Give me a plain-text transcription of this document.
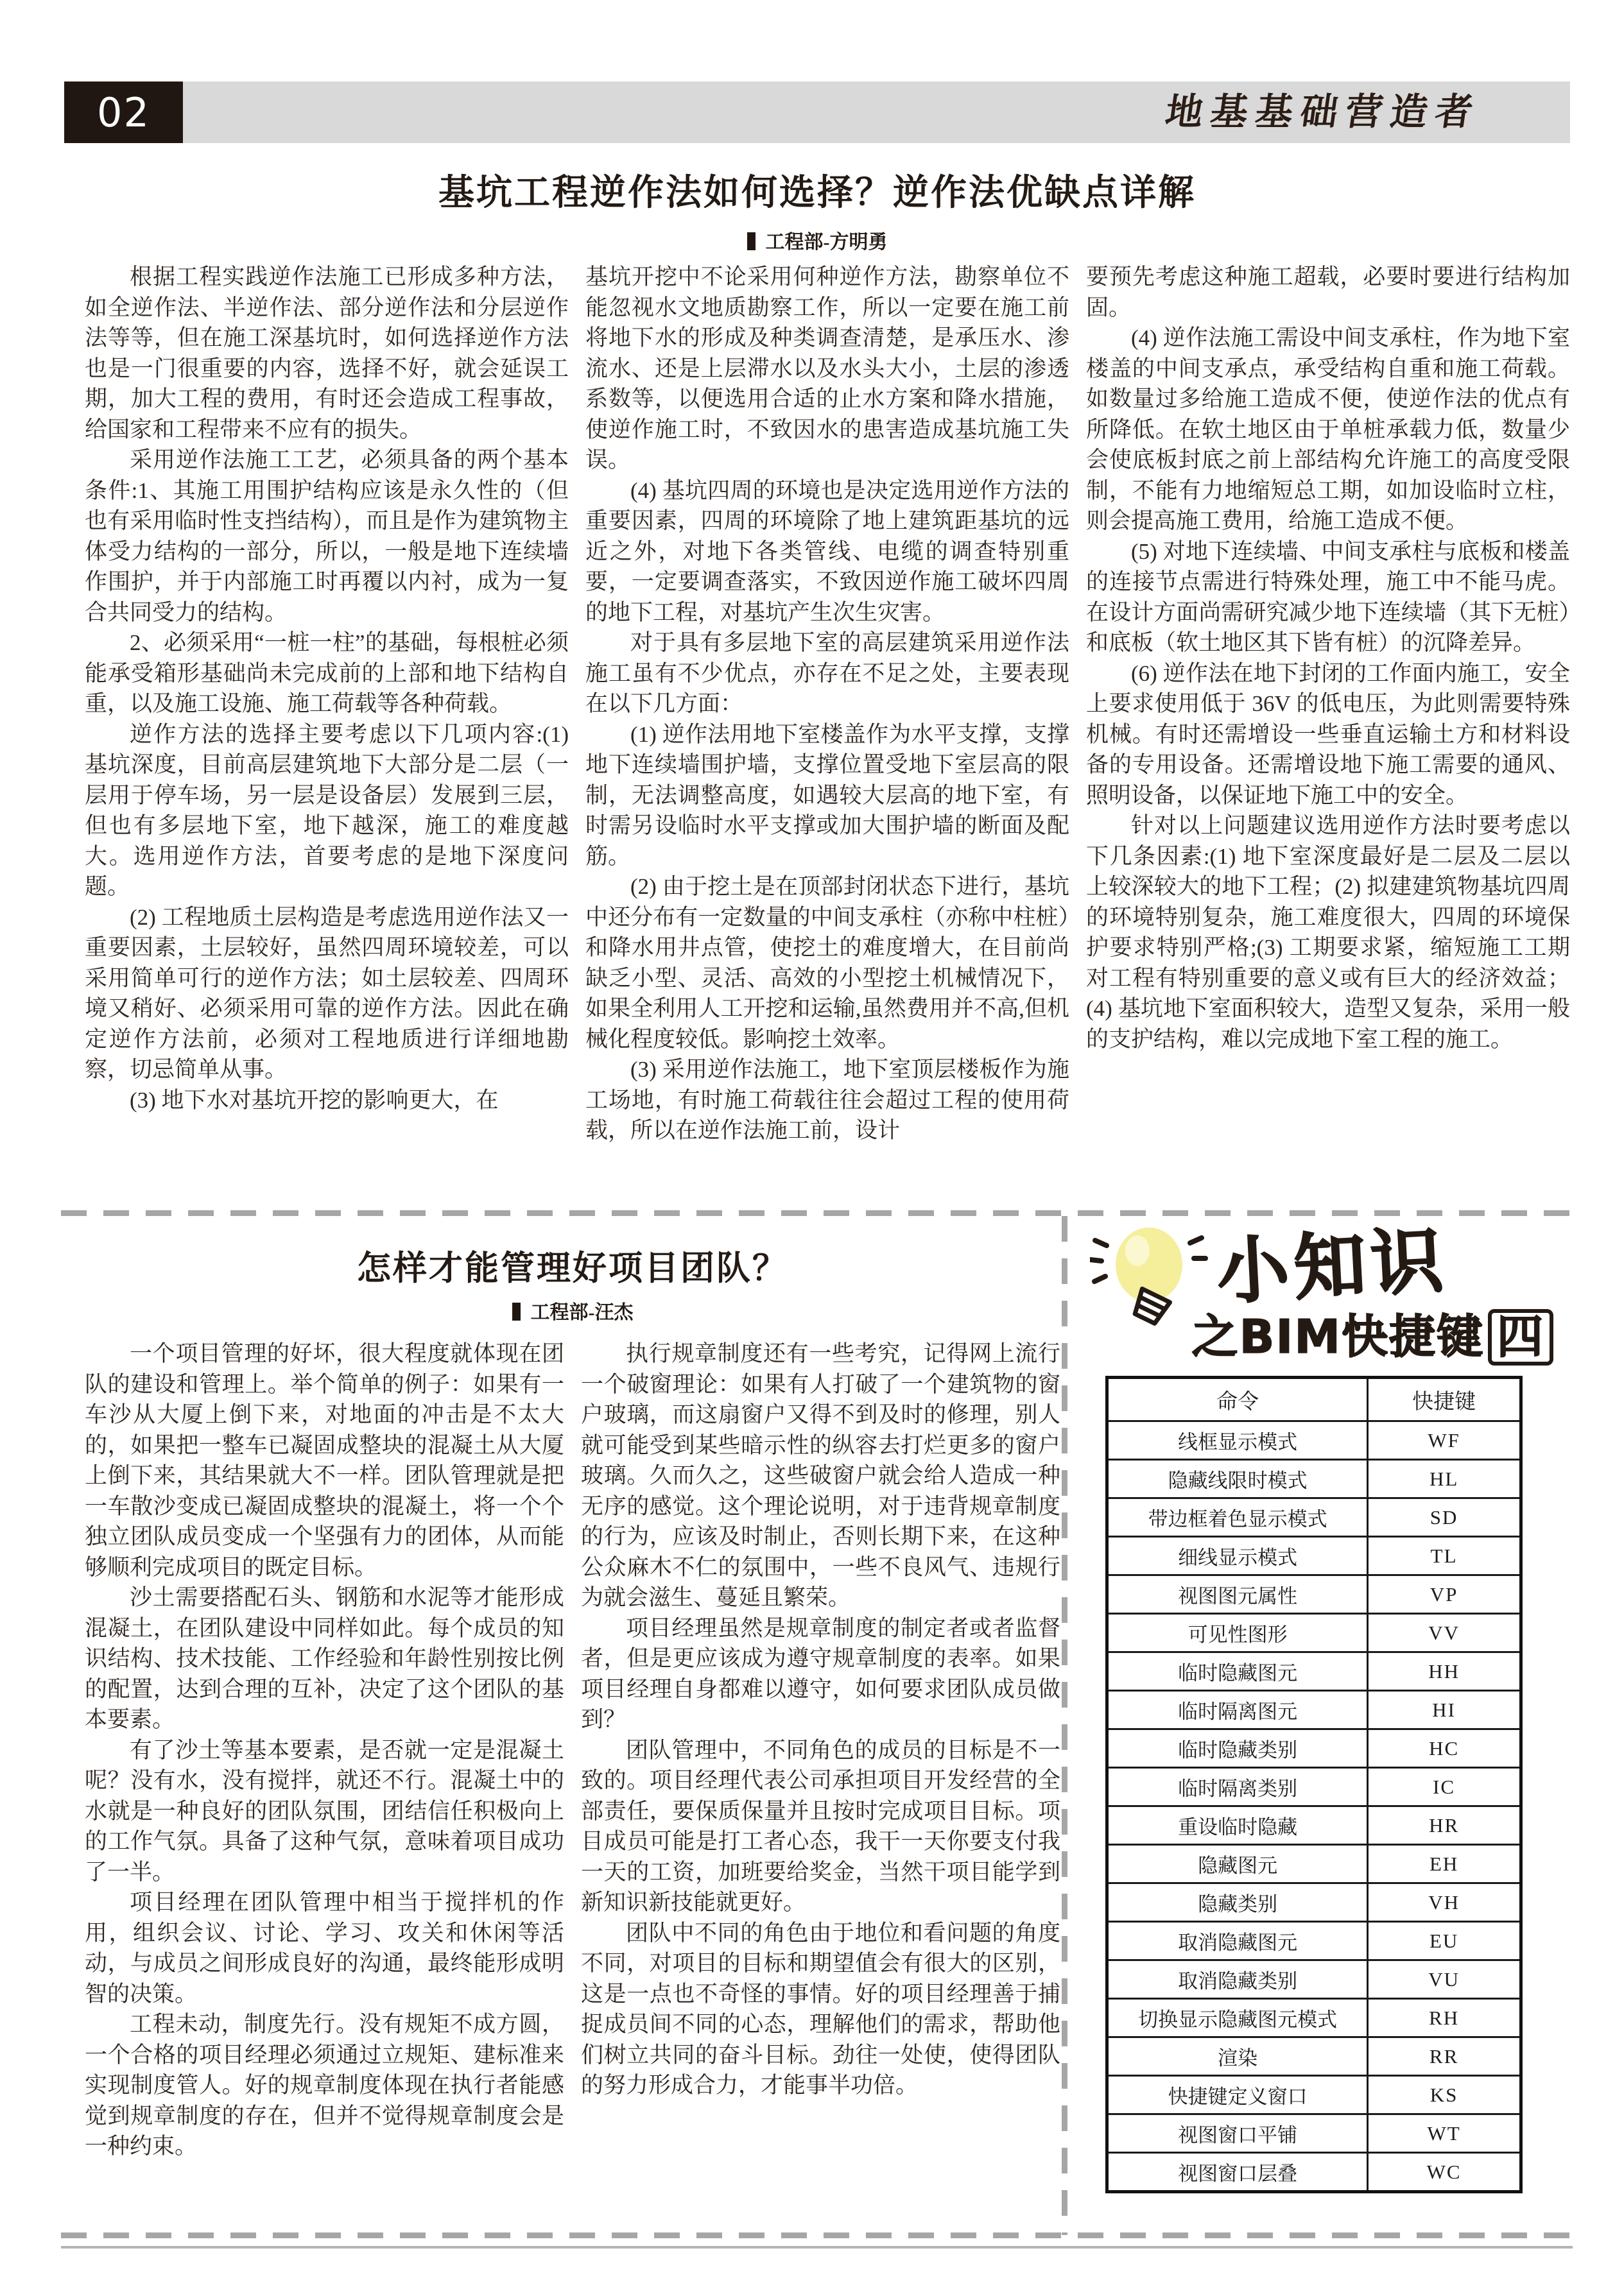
02	地基基础营造者
基坑工程逆作法如何选择？逆作法优缺点详解
工程部-方明勇

根据工程实践逆作法施工已形成多种方法，如全逆作法、半逆作法、部分逆作法和分层逆作法等等，但在施工深基坑时，如何选择逆作方法也是一门很重要的内容，选择不好，就会延误工期，加大工程的费用，有时还会造成工程事故，给国家和工程带来不应有的损失。

采用逆作法施工工艺，必须具备的两个基本条件:1、其施工用围护结构应该是永久性的（但也有采用临时性支挡结构），而且是作为建筑物主体受力结构的一部分，所以，一般是地下连续墙作围护，并于内部施工时再覆以内衬，成为一复合共同受力的结构。

2、必须采用“一桩一柱”的基础，每根桩必须能承受箱形基础尚未完成前的上部和地下结构自重，以及施工设施、施工荷载等各种荷载。

逆作方法的选择主要考虑以下几项内容:(1) 基坑深度，目前高层建筑地下大部分是二层（一层用于停车场，另一层是设备层）发展到三层，但也有多层地下室，地下越深，施工的难度越大。选用逆作方法，首要考虑的是地下深度问题。

(2) 工程地质土层构造是考虑选用逆作法又一重要因素，土层较好，虽然四周环境较差，可以采用简单可行的逆作方法；如土层较差、四周环境又稍好、必须采用可靠的逆作方法。因此在确定逆作方法前，必须对工程地质进行详细地勘察，切忌简单从事。

(3) 地下水对基坑开挖的影响更大，在

基坑开挖中不论采用何种逆作方法，勘察单位不能忽视水文地质勘察工作，所以一定要在施工前将地下水的形成及种类调查清楚，是承压水、渗流水、还是上层滞水以及水头大小，土层的渗透系数等，以便选用合适的止水方案和降水措施，使逆作施工时，不致因水的患害造成基坑施工失误。

(4) 基坑四周的环境也是决定选用逆作方法的重要因素，四周的环境除了地上建筑距基坑的远近之外，对地下各类管线、电缆的调查特别重要，一定要调查落实，不致因逆作施工破坏四周的地下工程，对基坑产生次生灾害。

对于具有多层地下室的高层建筑采用逆作法施工虽有不少优点，亦存在不足之处，主要表现在以下几方面：

(1) 逆作法用地下室楼盖作为水平支撑，支撑地下连续墙围护墙，支撑位置受地下室层高的限制，无法调整高度，如遇较大层高的地下室，有时需另设临时水平支撑或加大围护墙的断面及配筋。

(2) 由于挖土是在顶部封闭状态下进行，基坑中还分布有一定数量的中间支承柱（亦称中柱桩）和降水用井点管，使挖土的难度增大，在目前尚缺乏小型、灵活、高效的小型挖土机械情况下，如果全利用人工开挖和运输,虽然费用并不高,但机械化程度较低。影响挖土效率。

(3) 采用逆作法施工，地下室顶层楼板作为施工场地，有时施工荷载往往会超过工程的使用荷载，所以在逆作法施工前，设计

要预先考虑这种施工超载，必要时要进行结构加固。

(4) 逆作法施工需设中间支承柱，作为地下室楼盖的中间支承点，承受结构自重和施工荷载。如数量过多给施工造成不便，使逆作法的优点有所降低。在软土地区由于单桩承载力低，数量少会使底板封底之前上部结构允许施工的高度受限制，不能有力地缩短总工期，如加设临时立柱，则会提高施工费用，给施工造成不便。

(5) 对地下连续墙、中间支承柱与底板和楼盖的连接节点需进行特殊处理，施工中不能马虎。在设计方面尚需研究减少地下连续墙（其下无桩）和底板（软土地区其下皆有桩）的沉降差异。

(6) 逆作法在地下封闭的工作面内施工，安全上要求使用低于 36V 的低电压，为此则需要特殊机械。有时还需增设一些垂直运输土方和材料设备的专用设备。还需增设地下施工需要的通风、照明设备，以保证地下施工中的安全。

针对以上问题建议选用逆作方法时要考虑以下几条因素:(1) 地下室深度最好是二层及二层以上较深较大的地下工程；(2) 拟建建筑物基坑四周的环境特别复杂，施工难度很大，四周的环境保护要求特别严格;(3) 工期要求紧，缩短施工工期对工程有特别重要的意义或有巨大的经济效益；(4) 基坑地下室面积较大，造型又复杂，采用一般的支护结构，难以完成地下室工程的施工。

怎样才能管理好项目团队？
工程部-汪杰

一个项目管理的好坏，很大程度就体现在团队的建设和管理上。举个简单的例子：如果有一车沙从大厦上倒下来，对地面的冲击是不太大的，如果把一整车已凝固成整块的混凝土从大厦上倒下来，其结果就大不一样。团队管理就是把一车散沙变成已凝固成整块的混凝土，将一个个独立团队成员变成一个坚强有力的团体，从而能够顺利完成项目的既定目标。

沙土需要搭配石头、钢筋和水泥等才能形成混凝土，在团队建设中同样如此。每个成员的知识结构、技术技能、工作经验和年龄性别按比例的配置，达到合理的互补，决定了这个团队的基本要素。

有了沙土等基本要素，是否就一定是混凝土呢？没有水，没有搅拌，就还不行。混凝土中的水就是一种良好的团队氛围，团结信任积极向上的工作气氛。具备了这种气氛，意味着项目成功了一半。

项目经理在团队管理中相当于搅拌机的作用，组织会议、讨论、学习、攻关和休闲等活动，与成员之间形成良好的沟通，最终能形成明智的决策。

工程未动，制度先行。没有规矩不成方圆，一个合格的项目经理必须通过立规矩、建标准来实现制度管人。好的规章制度体现在执行者能感觉到规章制度的存在，但并不觉得规章制度会是一种约束。

执行规章制度还有一些考究，记得网上流行一个破窗理论：如果有人打破了一个建筑物的窗户玻璃，而这扇窗户又得不到及时的修理，别人就可能受到某些暗示性的纵容去打烂更多的窗户玻璃。久而久之，这些破窗户就会给人造成一种无序的感觉。这个理论说明，对于违背规章制度的行为，应该及时制止，否则长期下来，在这种公众麻木不仁的氛围中，一些不良风气、违规行为就会滋生、蔓延且繁荣。

项目经理虽然是规章制度的制定者或者监督者，但是更应该成为遵守规章制度的表率。如果项目经理自身都难以遵守，如何要求团队成员做到？

团队管理中，不同角色的成员的目标是不一致的。项目经理代表公司承担项目开发经营的全部责任，要保质保量并且按时完成项目目标。项目成员可能是打工者心态，我干一天你要支付我一天的工资，加班要给奖金，当然干项目能学到新知识新技能就更好。

团队中不同的角色由于地位和看问题的角度不同，对项目的目标和期望值会有很大的区别，这是一点也不奇怪的事情。好的项目经理善于捕捉成员间不同的心态，理解他们的需求，帮助他们树立共同的奋斗目标。劲往一处使，使得团队的努力形成合力，才能事半功倍。

小知识
之BIM快捷键 四
命令	快捷键
线框显示模式	WF
隐藏线限时模式	HL
带边框着色显示模式	SD
细线显示模式	TL
视图图元属性	VP
可见性图形	VV
临时隐藏图元	HH
临时隔离图元	HI
临时隐藏类别	HC
临时隔离类别	IC
重设临时隐藏	HR
隐藏图元	EH
隐藏类别	VH
取消隐藏图元	EU
取消隐藏类别	VU
切换显示隐藏图元模式	RH
渲染	RR
快捷键定义窗口	KS
视图窗口平铺	WT
视图窗口层叠	WC
